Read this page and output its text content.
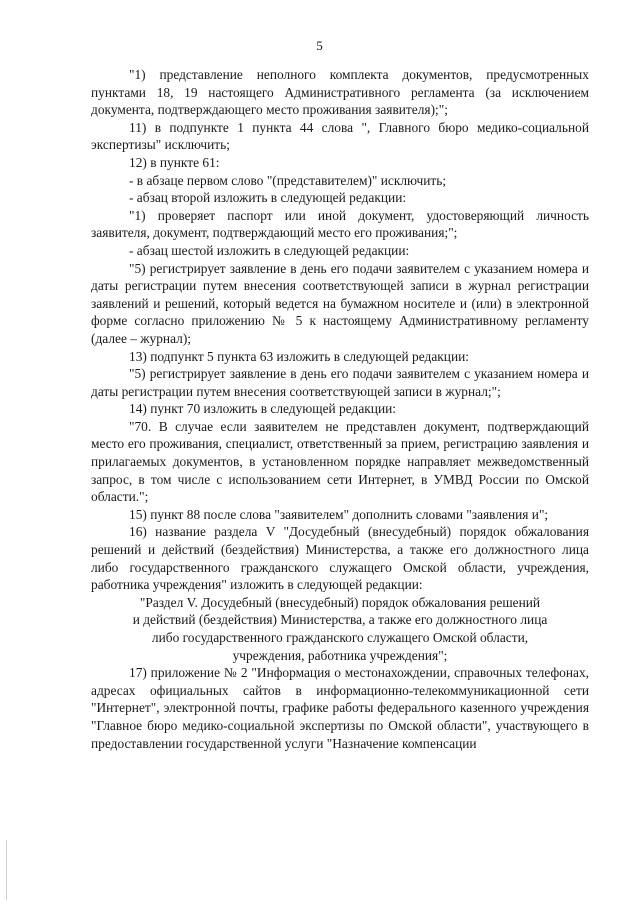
5

"1) представление неполного комплекта документов, предусмотренных пунктами 18, 19 настоящего Административного регламента (за исключением документа, подтверждающего место проживания заявителя);";

11) в подпункте 1 пункта 44 слова ", Главного бюро медико-социальной экспертизы" исключить;

12) в пункте 61:

- в абзаце первом слово "(представителем)" исключить;

- абзац второй изложить в следующей редакции:

"1) проверяет паспорт или иной документ, удостоверяющий личность заявителя, документ, подтверждающий место его проживания;";

- абзац шестой изложить в следующей редакции:

"5) регистрирует заявление в день его подачи заявителем с указанием номера и даты регистрации путем внесения соответствующей записи в журнал регистрации заявлений и решений, который ведется на бумажном носителе и (или) в электронной форме согласно приложению № 5 к настоящему Административному регламенту (далее – журнал);

13) подпункт 5 пункта 63 изложить в следующей редакции:

"5) регистрирует заявление в день его подачи заявителем с указанием номера и даты регистрации путем внесения соответствующей записи в журнал;";

14) пункт 70 изложить в следующей редакции:

"70. В случае если заявителем не представлен документ, подтверждающий место его проживания, специалист, ответственный за прием, регистрацию заявления и прилагаемых документов, в установленном порядке направляет межведомственный запрос, в том числе с использованием сети Интернет, в УМВД России по Омской области.";

15) пункт 88 после слова "заявителем" дополнить словами "заявления и";

16) название раздела V "Досудебный (внесудебный) порядок обжалования решений и действий (бездействия) Министерства, а также его должностного лица либо государственного гражданского служащего Омской области, учреждения, работника учреждения" изложить в следующей редакции:

"Раздел V. Досудебный (внесудебный) порядок обжалования решений
и действий (бездействия) Министерства, а также его должностного лица
либо государственного гражданского служащего Омской области,
учреждения, работника учреждения";

17) приложение № 2 "Информация о местонахождении, справочных телефонах, адресах официальных сайтов в информационно-телекоммуникационной сети "Интернет", электронной почты, графике работы федерального казенного учреждения "Главное бюро медико-социальной экспертизы по Омской области", участвующего в предоставлении государственной услуги "Назначение компенсации
